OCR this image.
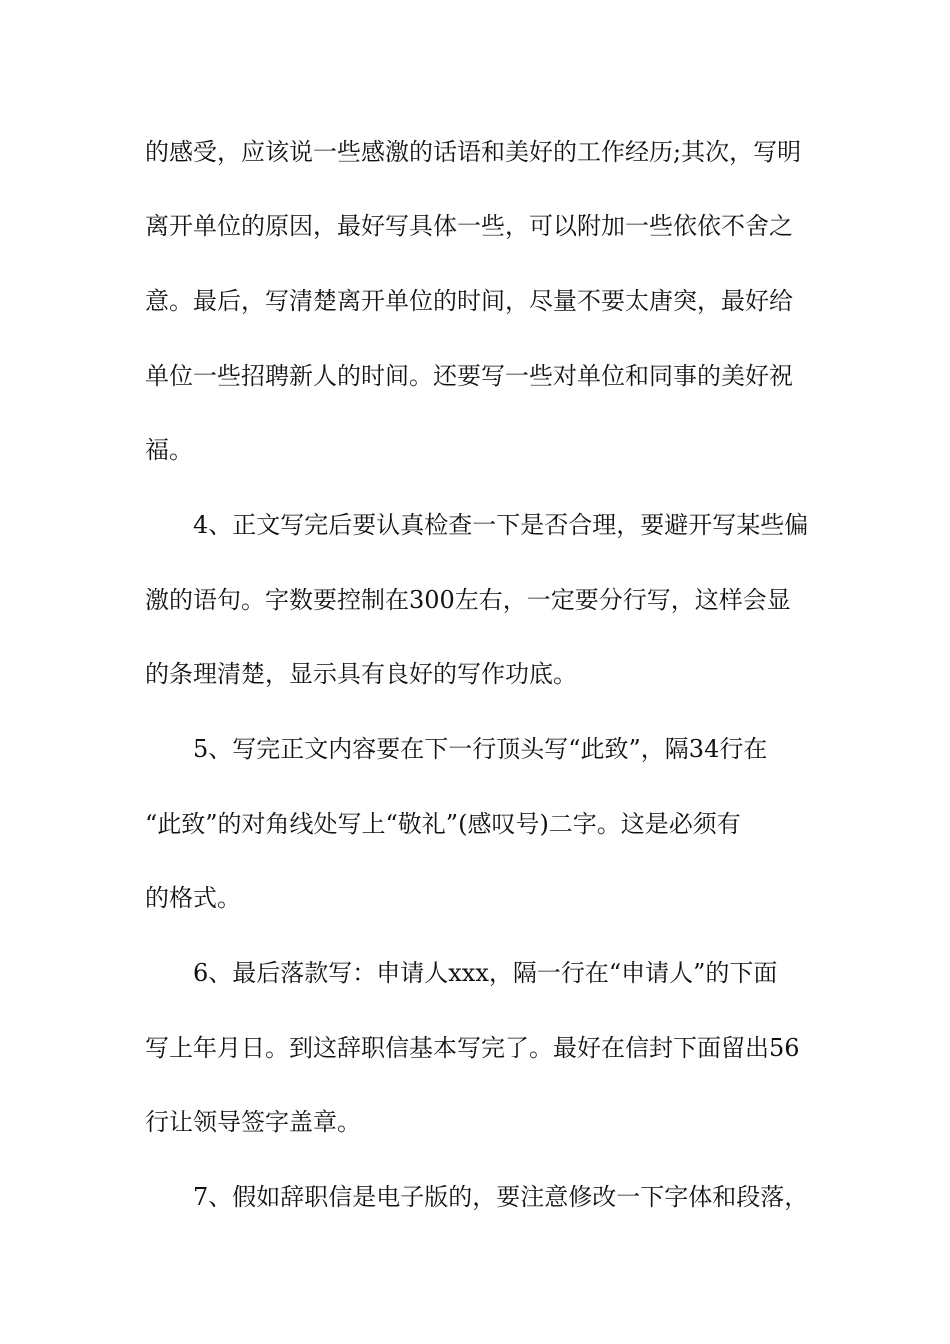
的感受，应该说一些感激的话语和美好的工作经历;其次，写明
离开单位的原因，最好写具体一些，可以附加一些依依不舍之
意。最后，写清楚离开单位的时间，尽量不要太唐突，最好给
单位一些招聘新人的时间。还要写一些对单位和同事的美好祝
福。
4、正文写完后要认真检查一下是否合理，要避开写某些偏
激的语句。字数要控制在300左右，一定要分行写，这样会显
的条理清楚，显示具有良好的写作功底。
5、写完正文内容要在下一行顶头写“此致”，隔34行在
“此致”的对角线处写上“敬礼”(感叹号)二字。这是必须有
的格式。
6、最后落款写：申请人xxx，隔一行在“申请人”的下面
写上年月日。到这辞职信基本写完了。最好在信封下面留出56
行让领导签字盖章。
7、假如辞职信是电子版的，要注意修改一下字体和段落，
